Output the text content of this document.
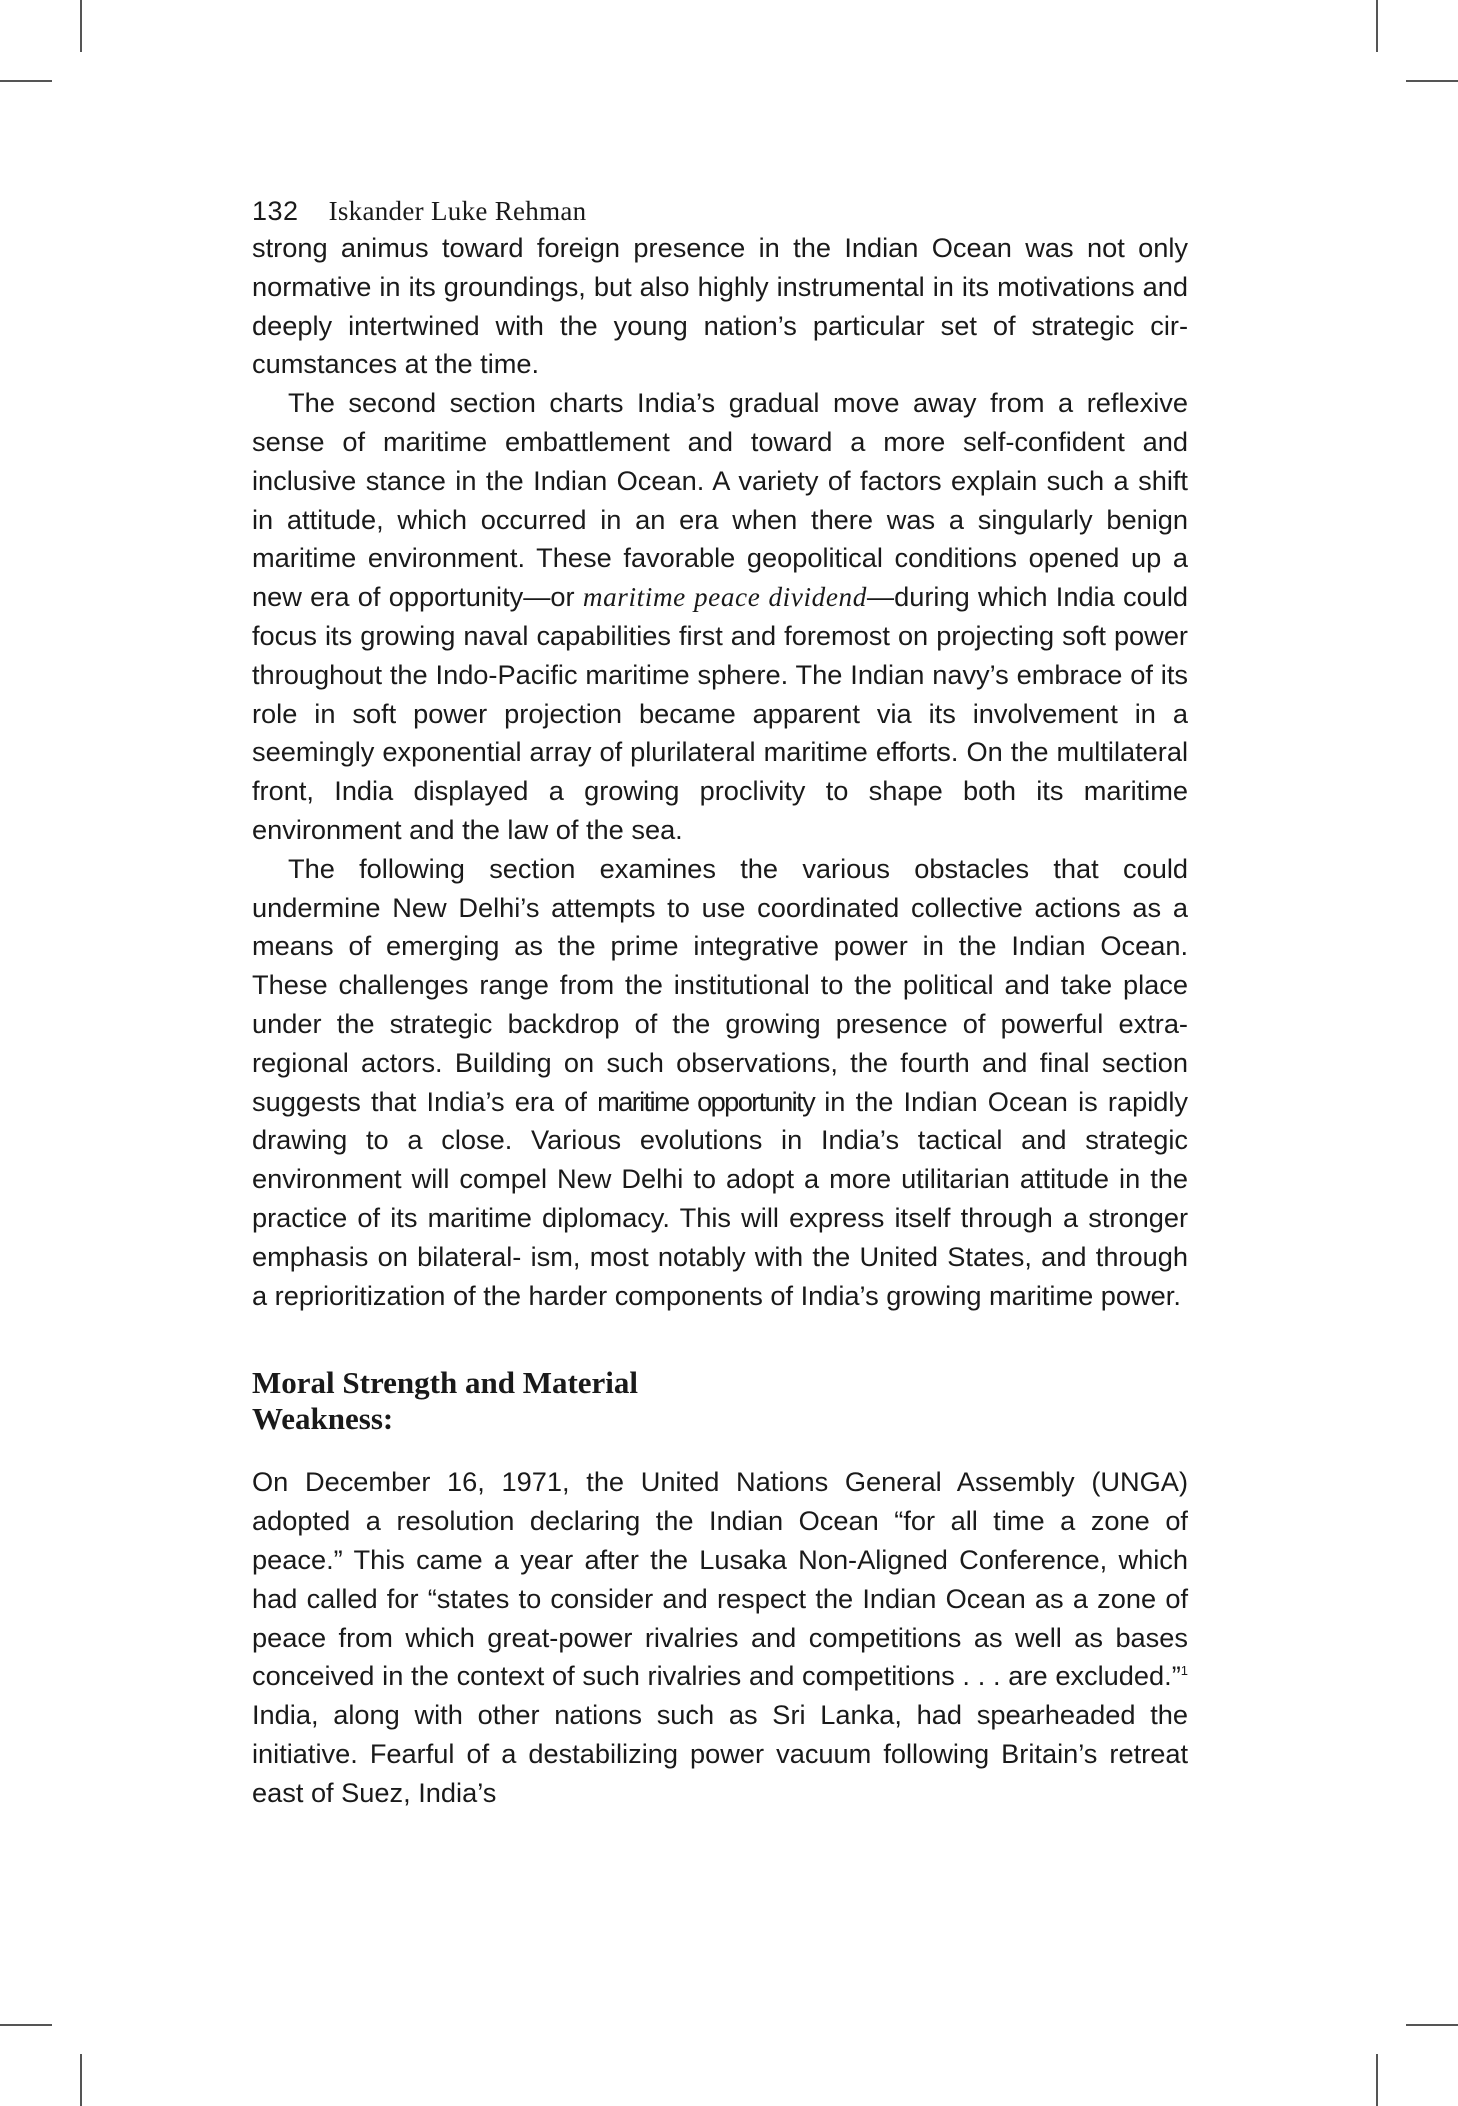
132 Iskander Luke Rehman

strong animus toward foreign presence in the Indian Ocean was not only normative in its groundings, but also highly instrumental in its motivations and deeply intertwined with the young nation’s particular set of strategic circumstances at the time.

The second section charts India’s gradual move away from a reflexive sense of maritime embattlement and toward a more self-confident and inclusive stance in the Indian Ocean. A variety of factors explain such a shift in attitude, which occurred in an era when there was a singularly benign maritime environment. These favorable geopolitical conditions opened up a new era of opportunity—or maritime peace dividend—during which India could focus its growing naval capabilities first and foremost on projecting soft power throughout the Indo-Pacific maritime sphere. The Indian navy’s embrace of its role in soft power projection became apparent via its involvement in a seemingly exponential array of plurilateral maritime efforts. On the multilateral front, India displayed a growing proclivity to shape both its maritime environment and the law of the sea.

The following section examines the various obstacles that could undermine New Delhi’s attempts to use coordinated collective actions as a means of emerging as the prime integrative power in the Indian Ocean. These challenges range from the institutional to the political and take place under the strategic backdrop of the growing presence of powerful extra-regional actors. Building on such observations, the fourth and final section suggests that India’s era of maritime opportunity in the Indian Ocean is rapidly drawing to a close. Various evolutions in India’s tactical and strategic environment will compel New Delhi to adopt a more utilitarian attitude in the practice of its maritime diplomacy. This will express itself through a stronger emphasis on bilateral- ism, most notably with the United States, and through a reprioritization of the harder components of India’s growing maritime power.

Moral Strength and Material Weakness:

On December 16, 1971, the United Nations General Assembly (UNGA) adopted a resolution declaring the Indian Ocean “for all time a zone of peace.” This came a year after the Lusaka Non-Aligned Conference, which had called for “states to consider and respect the Indian Ocean as a zone of peace from which great-power rivalries and competitions as well as bases conceived in the context of such rivalries and competitions . . . are excluded.”$^1$ India, along with other nations such as Sri Lanka, had spearheaded the initiative. Fearful of a destabilizing power vacuum following Britain’s retreat east of Suez, India’s
